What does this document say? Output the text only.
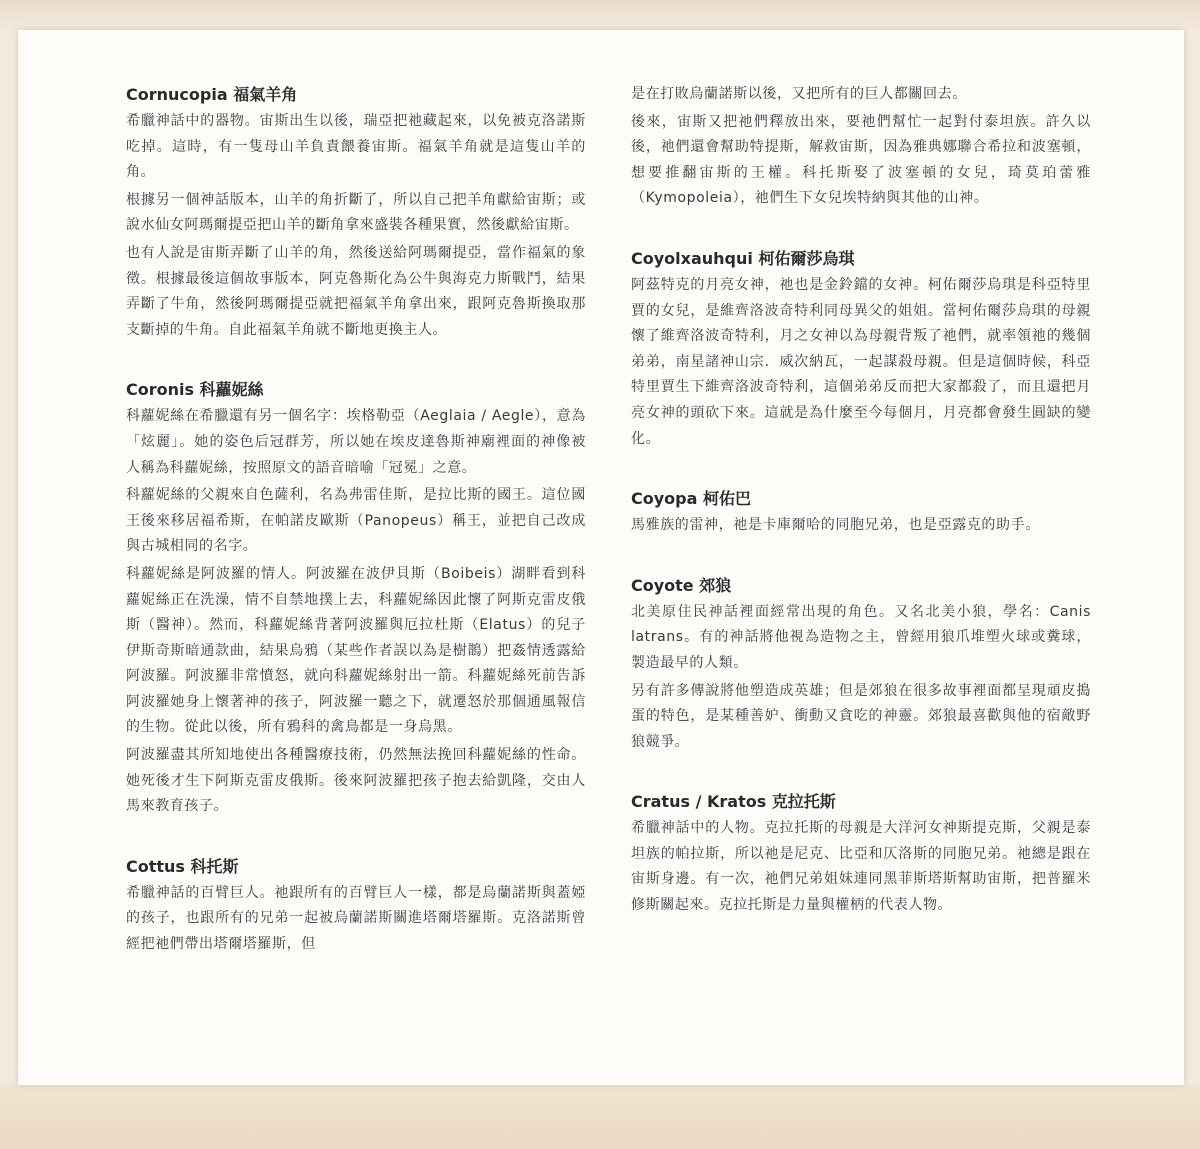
Cornucopia 福氣羊角

希臘神話中的器物。宙斯出生以後，瑞亞把祂藏起來，以免被克洛諾斯吃掉。這時，有一隻母山羊負責餵養宙斯。福氣羊角就是這隻山羊的角。

根據另一個神話版本，山羊的角折斷了，所以自己把羊角獻給宙斯；或說水仙女阿瑪爾提亞把山羊的斷角拿來盛裝各種果實，然後獻給宙斯。

也有人說是宙斯弄斷了山羊的角，然後送給阿瑪爾提亞，當作福氣的象徵。根據最後這個故事版本，阿克魯斯化為公牛與海克力斯戰鬥，結果弄斷了牛角，然後阿瑪爾提亞就把福氣羊角拿出來，跟阿克魯斯換取那支斷掉的牛角。自此福氣羊角就不斷地更換主人。

Coronis 科蘿妮絲

科蘿妮絲在希臘還有另一個名字：埃格勒亞（Aeglaia / Aegle），意為「炫麗」。她的姿色后冠群芳，所以她在埃皮達魯斯神廟裡面的神像被人稱為科蘿妮絲，按照原文的語音暗喻「冠冕」之意。

科蘿妮絲的父親來自色薩利，名為弗雷佳斯，是拉比斯的國王。這位國王後來移居福希斯，在帕諾皮歐斯（Panopeus）稱王，並把自己改成與古城相同的名字。

科蘿妮絲是阿波羅的情人。阿波羅在波伊貝斯（Boibeis）湖畔看到科蘿妮絲正在洗澡，情不自禁地撲上去，科蘿妮絲因此懷了阿斯克雷皮俄斯（醫神）。然而，科蘿妮絲背著阿波羅與厄拉杜斯（Elatus）的兒子伊斯奇斯暗通款曲，結果烏鴉（某些作者誤以為是樹鵲）把姦情透露給阿波羅。阿波羅非常憤怒，就向科蘿妮絲射出一箭。科蘿妮絲死前告訴阿波羅她身上懷著神的孩子，阿波羅一聽之下，就遷怒於那個通風報信的生物。從此以後，所有鴉科的禽鳥都是一身烏黑。

阿波羅盡其所知地使出各種醫療技術，仍然無法挽回科蘿妮絲的性命。她死後才生下阿斯克雷皮俄斯。後來阿波羅把孩子抱去給凱隆，交由人馬來教育孩子。

Cottus 科托斯

希臘神話的百臂巨人。祂跟所有的百臂巨人一樣，都是烏蘭諾斯與蓋婭的孩子，也跟所有的兄弟一起被烏蘭諾斯關進塔爾塔羅斯。克洛諾斯曾經把祂們帶出塔爾塔羅斯，但

是在打敗烏蘭諾斯以後，又把所有的巨人都關回去。

後來，宙斯又把祂們釋放出來，要祂們幫忙一起對付泰坦族。許久以後，祂們還會幫助特提斯，解救宙斯，因為雅典娜聯合希拉和波塞頓，想要推翻宙斯的王權。科托斯娶了波塞頓的女兒，琦莫珀蕾雅（Kymopoleia），祂們生下女兒埃特納與其他的山神。

Coyolxauhqui 柯佑爾莎烏琪

阿茲特克的月亮女神，祂也是金鈴鐺的女神。柯佑爾莎烏琪是科亞特里賈的女兒，是維齊洛波奇特利同母異父的姐姐。當柯佑爾莎烏琪的母親懷了維齊洛波奇特利，月之女神以為母親背叛了祂們，就率領祂的幾個弟弟，南星諸神山宗．威次納瓦，一起謀殺母親。但是這個時候，科亞特里賈生下維齊洛波奇特利，這個弟弟反而把大家都殺了，而且還把月亮女神的頭砍下來。這就是為什麼至今每個月，月亮都會發生圓缺的變化。

Coyopa 柯佑巴

馬雅族的雷神，祂是卡庫爾哈的同胞兄弟，也是亞露克的助手。

Coyote 郊狼

北美原住民神話裡面經常出現的角色。又名北美小狼，學名：Canis latrans。有的神話將他視為造物之主，曾經用狼爪堆塑火球或糞球，製造最早的人類。

另有許多傳說將他塑造成英雄；但是郊狼在很多故事裡面都呈現頑皮搗蛋的特色，是某種善妒、衝動又貪吃的神靈。郊狼最喜歡與他的宿敵野狼競爭。

Cratus / Kratos 克拉托斯

希臘神話中的人物。克拉托斯的母親是大洋河女神斯提克斯，父親是泰坦族的帕拉斯，所以祂是尼克、比亞和仄洛斯的同胞兄弟。祂總是跟在宙斯身邊。有一次，祂們兄弟姐妹連同黑菲斯塔斯幫助宙斯，把普羅米修斯關起來。克拉托斯是力量與權柄的代表人物。
